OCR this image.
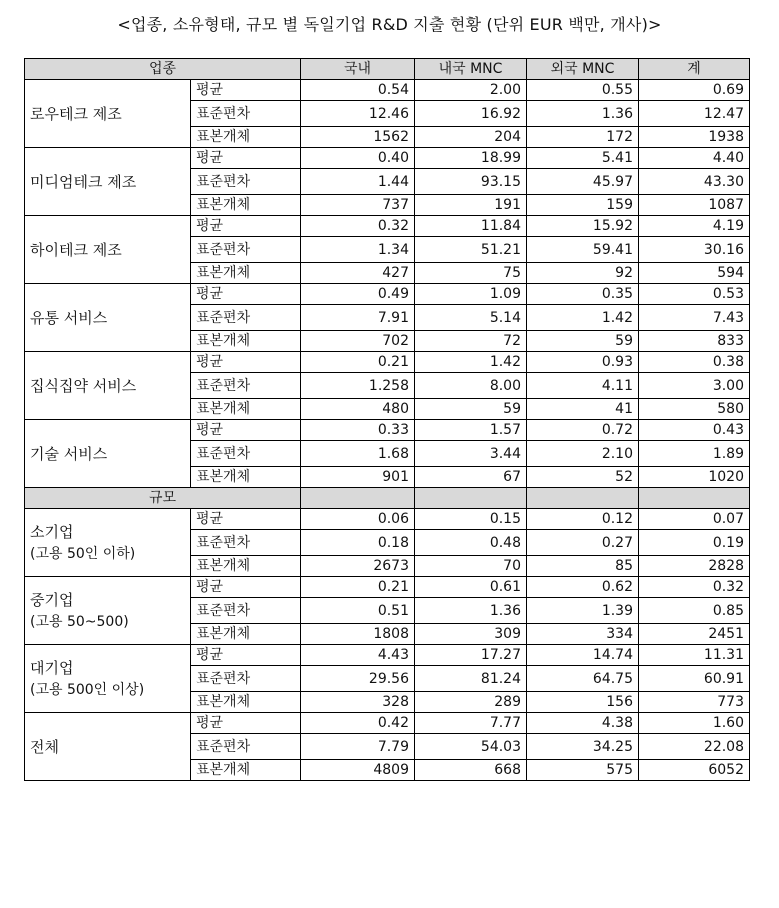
<업종, 소유형태, 규모 별 독일기업 R&D 지출 현황 (단위 EUR 백만, 개사)>
업종		국내	내국 MNC	외국 MNC	계
로우테크 제조	평균	0.54	2.00	0.55	0.69
	표준편차	12.46	16.92	1.36	12.47
	표본개체	1562	204	172	1938
미디엄테크 제조	평균	0.40	18.99	5.41	4.40
	표준편차	1.44	93.15	45.97	43.30
	표본개체	737	191	159	1087
하이테크 제조	평균	0.32	11.84	15.92	4.19
	표준편차	1.34	51.21	59.41	30.16
	표본개체	427	75	92	594
유통 서비스	평균	0.49	1.09	0.35	0.53
	표준편차	7.91	5.14	1.42	7.43
	표본개체	702	72	59	833
집식집약 서비스	평균	0.21	1.42	0.93	0.38
	표준편차	1.258	8.00	4.11	3.00
	표본개체	480	59	41	580
기술 서비스	평균	0.33	1.57	0.72	0.43
	표준편차	1.68	3.44	2.10	1.89
	표본개체	901	67	52	1020
규모					
소기업
(고용 50인 이하)	평균	0.06	0.15	0.12	0.07
	표준편차	0.18	0.48	0.27	0.19
	표본개체	2673	70	85	2828
중기업
(고용 50~500)	평균	0.21	0.61	0.62	0.32
	표준편차	0.51	1.36	1.39	0.85
	표본개체	1808	309	334	2451
대기업
(고용 500인 이상)	평균	4.43	17.27	14.74	11.31
	표준편차	29.56	81.24	64.75	60.91
	표본개체	328	289	156	773
전체	평균	0.42	7.77	4.38	1.60
	표준편차	7.79	54.03	34.25	22.08
	표본개체	4809	668	575	6052
